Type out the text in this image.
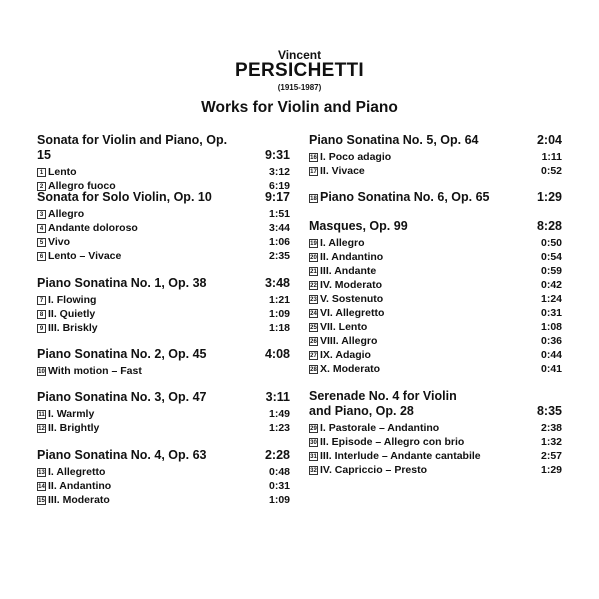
Vincent
PERSICHETTI
(1915-1987)
Works for Violin and Piano
Sonata for Violin and Piano, Op. 15	9:31
1 Lento	3:12
2 Allegro fuoco	6:19
Sonata for Solo Violin, Op. 10	9:17
3 Allegro	1:51
4 Andante doloroso	3:44
5 Vivo	1:06
6 Lento – Vivace	2:35
Piano Sonatina No. 1, Op. 38	3:48
7 I. Flowing	1:21
8 II. Quietly	1:09
9 III. Briskly	1:18
Piano Sonatina No. 2, Op. 45	4:08
10 With motion – Fast
Piano Sonatina No. 3, Op. 47	3:11
11 I. Warmly	1:49
12 II. Brightly	1:23
Piano Sonatina No. 4, Op. 63	2:28
13 I. Allegretto	0:48
14 II. Andantino	0:31
15 III. Moderato	1:09
Piano Sonatina No. 5, Op. 64	2:04
16 I. Poco adagio	1:11
17 II. Vivace	0:52
18 Piano Sonatina No. 6, Op. 65	1:29
Masques, Op. 99	8:28
19 I. Allegro	0:50
20 II. Andantino	0:54
21 III. Andante	0:59
22 IV. Moderato	0:42
23 V. Sostenuto	1:24
24 VI. Allegretto	0:31
25 VII. Lento	1:08
26 VIII. Allegro	0:36
27 IX. Adagio	0:44
28 X. Moderato	0:41
Serenade No. 4 for Violin
and Piano, Op. 28	8:35
29 I. Pastorale – Andantino	2:38
30 II. Episode – Allegro con brio	1:32
31 III. Interlude – Andante cantabile	2:57
32 IV. Capriccio – Presto	1:29
